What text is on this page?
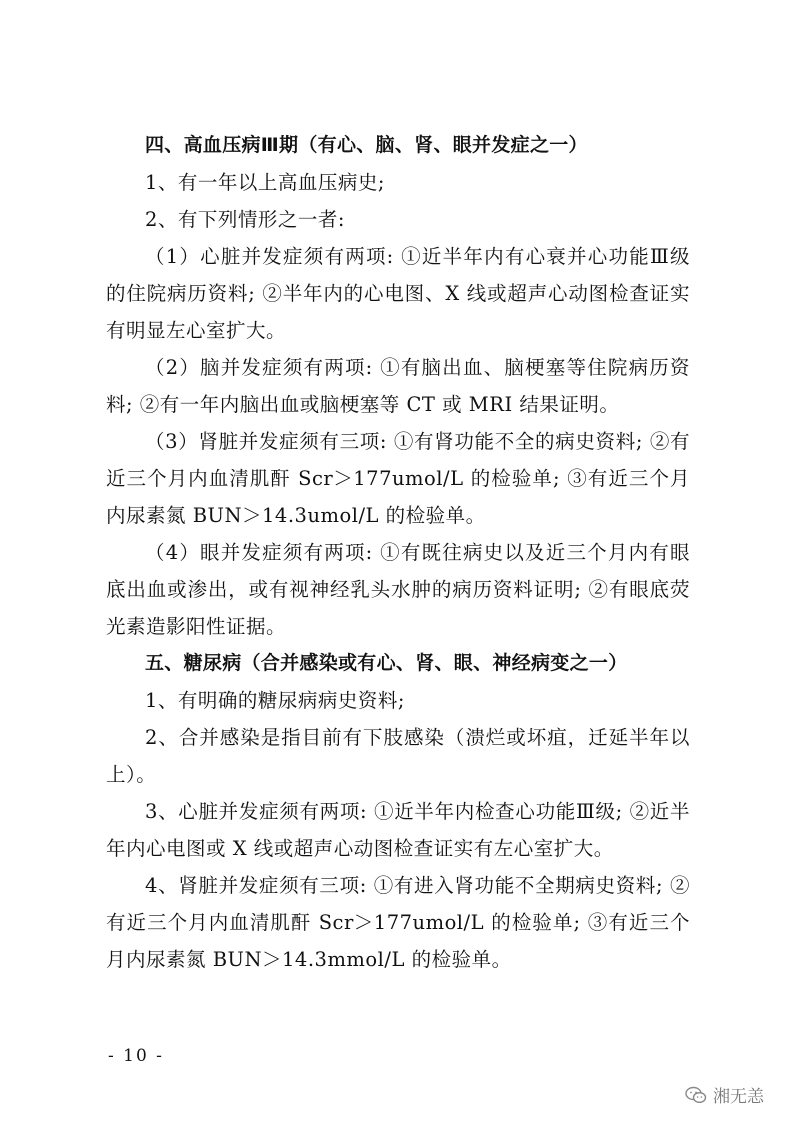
四、高血压病Ⅲ期（有心、脑、肾、眼并发症之一）

1、有一年以上高血压病史;

2、有下列情形之一者:

（1）心脏并发症须有两项: ①近半年内有心衰并心功能Ⅲ级的住院病历资料; ②半年内的心电图、X 线或超声心动图检查证实有明显左心室扩大。

（2）脑并发症须有两项: ①有脑出血、脑梗塞等住院病历资料; ②有一年内脑出血或脑梗塞等 CT 或 MRI 结果证明。

（3）肾脏并发症须有三项: ①有肾功能不全的病史资料; ②有近三个月内血清肌酐 Scr＞177umol/L 的检验单; ③有近三个月内尿素氮 BUN＞14.3umol/L 的检验单。

（4）眼并发症须有两项: ①有既往病史以及近三个月内有眼底出血或渗出，或有视神经乳头水肿的病历资料证明; ②有眼底荧光素造影阳性证据。

五、糖尿病（合并感染或有心、肾、眼、神经病变之一）

1、有明确的糖尿病病史资料;

2、合并感染是指目前有下肢感染（溃烂或坏疽，迁延半年以上）。

3、心脏并发症须有两项: ①近半年内检查心功能Ⅲ级; ②近半年内心电图或 X 线或超声心动图检查证实有左心室扩大。

4、肾脏并发症须有三项: ①有进入肾功能不全期病史资料; ②有近三个月内血清肌酐 Scr＞177umol/L 的检验单; ③有近三个月内尿素氮 BUN＞14.3mmol/L 的检验单。

- 10 -
湘无恙
